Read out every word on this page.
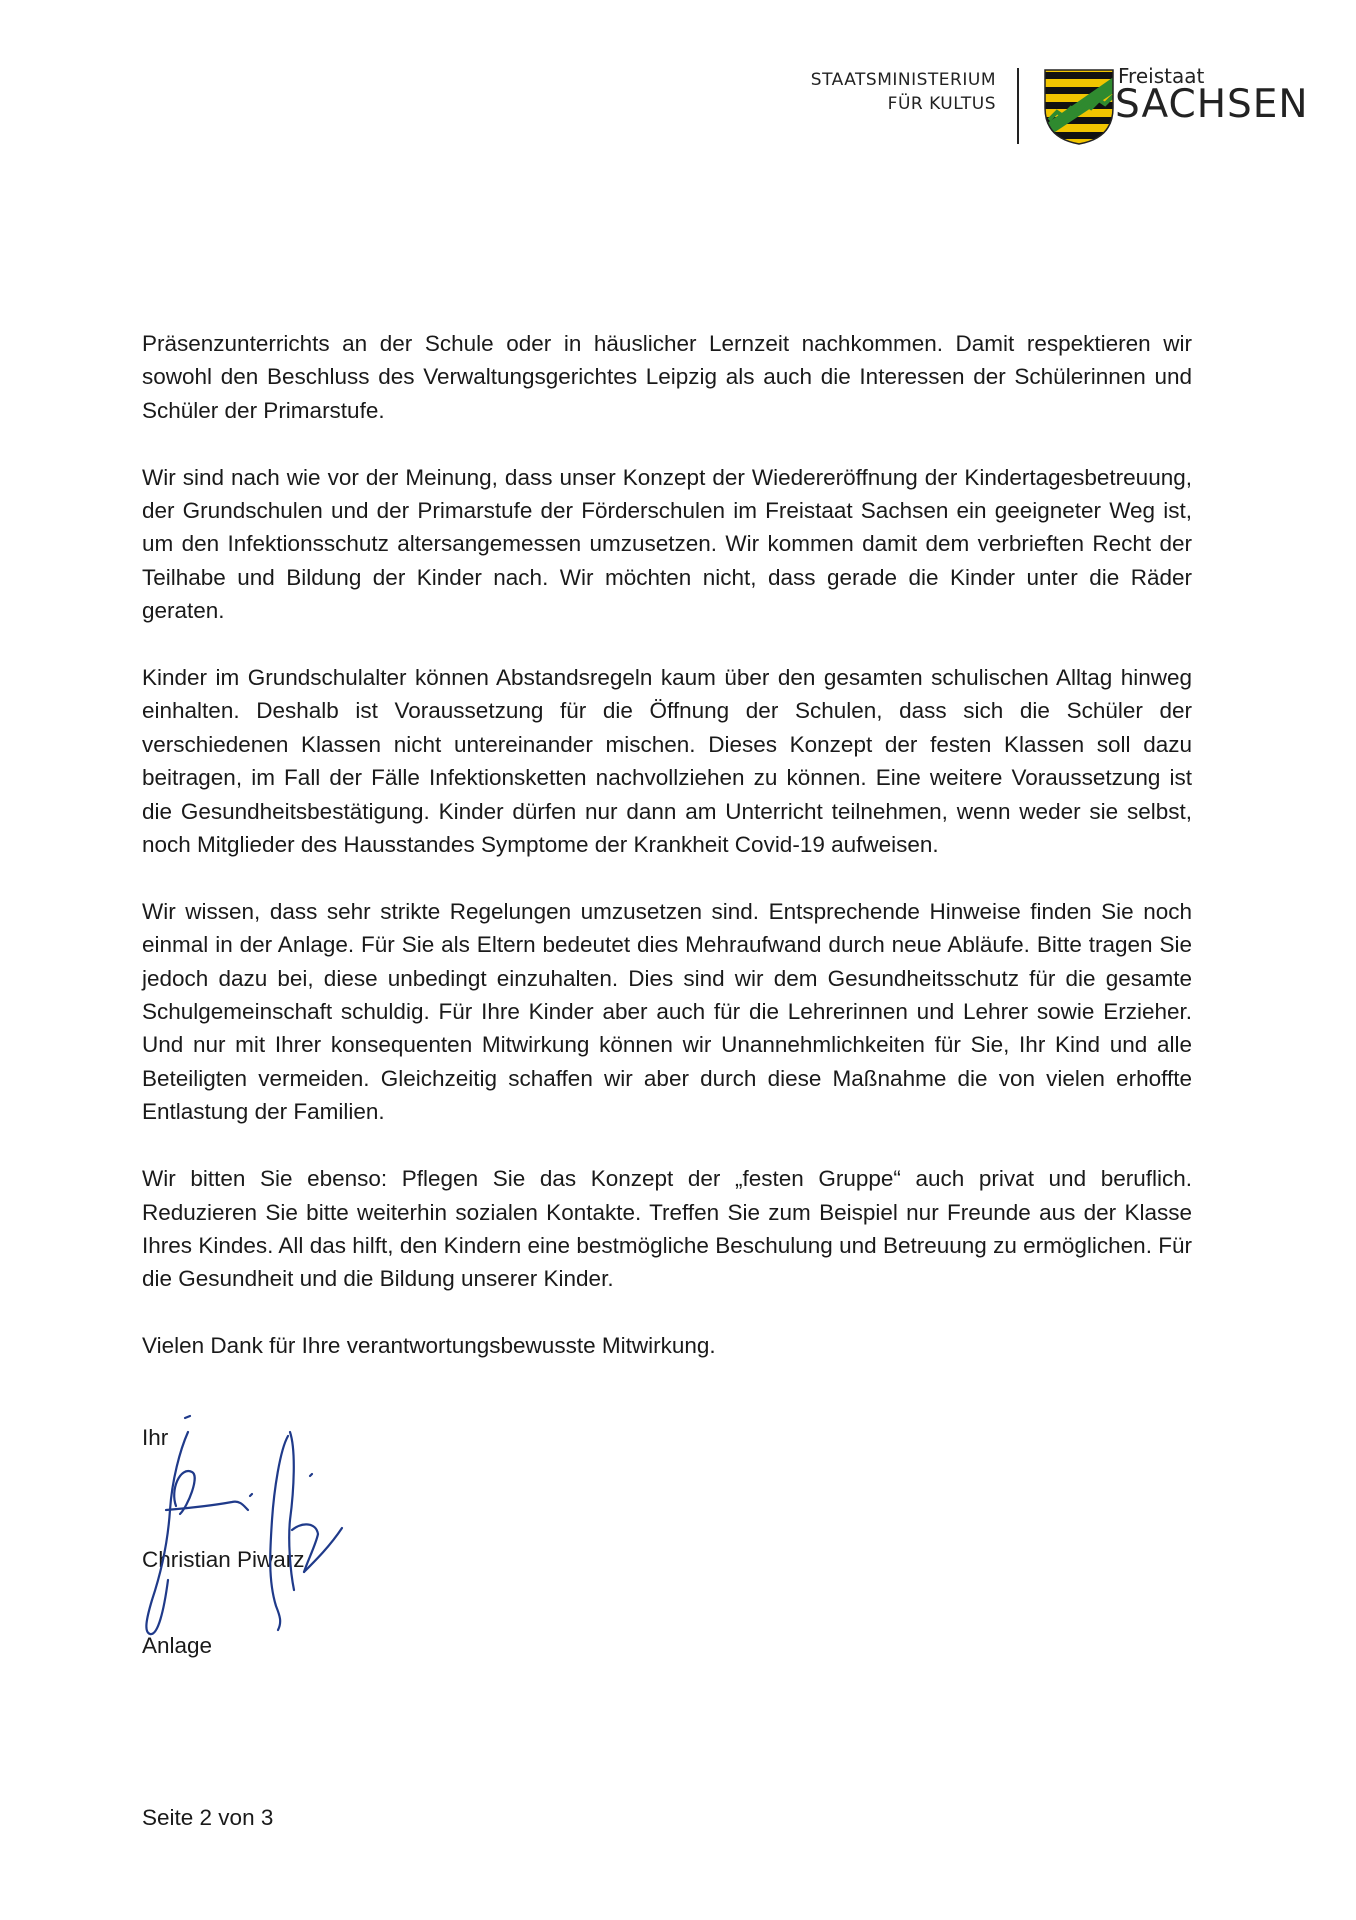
STAATSMINISTERIUM
FÜR KULTUS
Freistaat
SACHSEN

Präsenzunterrichts an der Schule oder in häuslicher Lernzeit nachkommen. Damit respektieren wir sowohl den Beschluss des Verwaltungsgerichtes Leipzig als auch die Interessen der Schülerinnen und Schüler der Primarstufe.

Wir sind nach wie vor der Meinung, dass unser Konzept der Wiedereröffnung der Kindertagesbetreuung, der Grundschulen und der Primarstufe der Förderschulen im Freistaat Sachsen ein geeigneter Weg ist, um den Infektionsschutz altersangemessen umzusetzen. Wir kommen damit dem verbrieften Recht der Teilhabe und Bildung der Kinder nach. Wir möchten nicht, dass gerade die Kinder unter die Räder geraten.

Kinder im Grundschulalter können Abstandsregeln kaum über den gesamten schulischen Alltag hinweg einhalten. Deshalb ist Voraussetzung für die Öffnung der Schulen, dass sich die Schüler der verschiedenen Klassen nicht untereinander mischen. Dieses Konzept der festen Klassen soll dazu beitragen, im Fall der Fälle Infektionsketten nachvollziehen zu können. Eine weitere Voraussetzung ist die Gesundheitsbestätigung. Kinder dürfen nur dann am Unterricht teilnehmen, wenn weder sie selbst, noch Mitglieder des Hausstandes Symptome der Krankheit Covid-19 aufweisen.

Wir wissen, dass sehr strikte Regelungen umzusetzen sind. Entsprechende Hinweise finden Sie noch einmal in der Anlage. Für Sie als Eltern bedeutet dies Mehraufwand durch neue Abläufe. Bitte tragen Sie jedoch dazu bei, diese unbedingt einzuhalten. Dies sind wir dem Gesundheitsschutz für die gesamte Schulgemeinschaft schuldig. Für Ihre Kinder aber auch für die Lehrerinnen und Lehrer sowie Erzieher. Und nur mit Ihrer konsequenten Mitwirkung können wir Unannehmlichkeiten für Sie, Ihr Kind und alle Beteiligten vermeiden. Gleichzeitig schaffen wir aber durch diese Maßnahme die von vielen erhoffte Entlastung der Familien.

Wir bitten Sie ebenso: Pflegen Sie das Konzept der „festen Gruppe“ auch privat und beruflich. Reduzieren Sie bitte weiterhin sozialen Kontakte. Treffen Sie zum Beispiel nur Freunde aus der Klasse Ihres Kindes. All das hilft, den Kindern eine bestmögliche Beschulung und Betreuung zu ermöglichen. Für die Gesundheit und die Bildung unserer Kinder.

Vielen Dank für Ihre verantwortungsbewusste Mitwirkung.

Ihr
Christian Piwarz
Anlage
Seite 2 von 3
